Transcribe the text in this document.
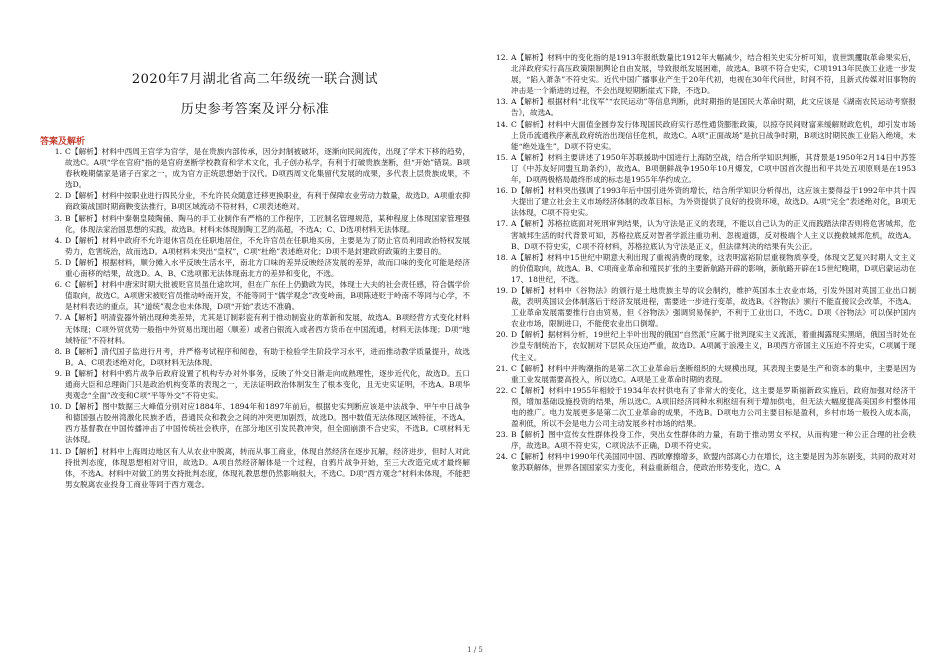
2020年7月湖北省高二年级统一联合测试
历史参考答案及评分标准
答案及解析
1. C【解析】材料中西周王官学为官学，是在贵族内部传承，因分封制被破坏，逐渐向民间流传，出现了学术下移的趋势，故选C。A项“学在官府”指的是官府垄断学校教育和学术文化，孔子创办私学，有利于打破贵族垄断，但“开始”错误。B项春秋晚期儒家是诸子百家之一，成为官方正统思想始于汉代。D项西周文化集留代发展的成果，多代表上层贵族成果，不选D。
2. D【解析】材料中按职业进行四民分业，不允许民众随意迁移更换职业，有利于保障农业劳动力数量，故选D。A项重农抑商政策战国时期商鞅变法推行，B项区域流动不符材料，C项表述绝对。
3. B【解析】材料中秦朝皇陵陶俑、陶马的手工业制作有严格的工作程序，工匠制名管理规范，某种程度上体现国家管理强化，体现法家治国思想的实践，故选B。材料未体现制陶工艺的高超，不选A；C、D选项材料无法体现。
4. D【解析】材料中政府不允许退休官员在任职地居住，不允许官员在任职地买房，主要是为了防止官员利用政治特权发展势力，危害统治，故而选D。A项材料未突出“皇权”，C项“杜绝”表述绝对化；D项不是封建政府政策的主要目的。
5. D【解析】根据材料，顺分摊入水平反映生活水平，南北方口味的差异反映经济发展的差异，故而口味的变化可能是经济重心南移的结果，故选D。A、B、C选项都无法体现南北方的差异和变化，不选。
6. C【解析】材料中唐宋时期大批被贬官员虽仕途坎坷，但在广东任上仍勤政为民，体现士大夫的社会责任感，符合儒学价值取向，故选C。A项唐宋被贬官员推动岭南开发，不能等同于“儒学观念”改变岭南，B项陈迹贬于岭南不等同与心学，不是材料表达的重点，其“道统”观念也未体现，D项“开始”表达不准确。
7. A【解析】明清瓷器外销出现种类差异，尤其是订制彩瓷有利于推动制瓷业的革新和发展，故选A。B项经营方式变化材料无体现；C项外贸优势一般指中外贸易出现出超（顺差）或者白银流入或者西方货币在中国流通，材料无法体现；D项“地域特征”不符材料。
8. B【解析】清代国子监进行月考，并严格考试程序和阅卷，有助于检验学生阶段学习水平，进而推动教学质量提升，故选B。A、C项表述绝对化，D项材料无法体现。
9. B【解析】材料中鸦片战争后政府设置了机构专办对外事务，反映了外交日渐走向成熟理性，逐步近代化，故选D。五口通商大臣和总理衙门只是政治机构变革的表现之一，无法证明政治体制发生了根本变化，且无史实证明，不选A。B项华夷观念“全面”改变和C项“平等外交”不符史实。
10. D【解析】图中数据三大峰值分别对应1884年、1894年和1897年前后，根据史实判断应该是中法战争、甲午中日战争和德国强占胶州湾激化民族矛盾，普通民众和教会之间的冲突更加剧烈，故选D。图中数值无法体现区域特征，不选A。西方基督教在中国传播冲击了中国传统社会秩序，在部分地区引发民教冲突，但全面崩溃不合史实，不选B。C项材料无法体现。
11. D【解析】材料中上海周边地区有人从农业中脱离，转而从事工商业，体现自然经济在逐步瓦解，经济进步，但时人对此持批判态度，体现思想相对守旧，故选D。A项自然经济解体是一个过程，自鸦片战争开始，至三大改造完成才最终解体，不选A。材料中对做工的男女持批判态度，体现礼教思想仍然影响很大，不选C。D项“西方观念”材料未体现，不能把男女脱离农业投身工商业等同于西方观念。
12. A【解析】材料中的变化指的是1913年报纸数量比1912年大幅减少，结合相关史实分析可知，袁世凯攫取革命果实后，北洋政府实行高压政策限制舆论自由发展，导致报纸发展困难，故选A。B项不符合史实，C项1913年民族工业进一步发展，“陷入萧条”不符史实。近代中国广播事业产生于20年代初，电视在30年代问世，时间不符，且新式传媒对旧事物的冲击是一个渐进的过程，不会出现短期断崖式下降，不选D。
13. A【解析】根据材料“北伐军”“农民运动”等信息判断，此时期指的是国民大革命时期，此文应该是《湖南农民运动考察报告》，故选A。
14. C【解析】材料中大面值金圆券发行体现国民政府实行恶性通货膨胀政策，以掠夺民间财富来缓解财政危机，却引发市场上货币流通秩序紊乱政府统治出现信任危机，故选C。A项“正面战场”是抗日战争时期，B项这时期民族工业陷入绝境，未能“绝处逢生”，D项不符史实。
15. A【解析】材料主要讲述了1950年苏联援助中国进行上海防空战，结合所学知识判断，其背景是1950年2月14日中苏签订《中苏友好同盟互助条约》，故选A。B项朝鲜战争1950年10月爆发，C项中国首次提出和平共处五项原则是在1953年，D项两极格局最终形成的标志是1955年华约成立。
16. D【解析】材料突出强调了1993年后中国引进外资的增长，结合所学知识分析得出，这应该主要得益于1992年中共十四大提出了建立社会主义市场经济体制的改革目标，为外资提供了良好的投资环境，故选D。A项“完全”表述绝对化，B项无法体现，C项不符史实。
17. A【解析】苏格拉底面对死刑审判结果，认为守法是正义的表现，不能以自己认为的正义而践踏法律否则将危害城邦，危害城邦生活的时代背景可知，苏格拉底反对智者学派注重功利、忽视道德，反对极端个人主义以挽救城邦危机，故选A。B、D项不符史实，C项不符材料，苏格拉底认为守法是正义，但法律判决的结果有失公正。
18. A【解析】材料中15世纪中期意大利出现了重视消费的现象，这表明富裕阶层重视物质享受，体现文艺复兴时期人文主义的价值取向，故选A。B、C项商业革命和殖民扩张的主要新航路开辟的影响，新航路开辟在15世纪晚期，D项启蒙运动在17、18世纪，不选。
19. D【解析】材料中《谷物法》的颁行是土地贵族主导的议会制约，维护英国本土农业市场，引发外国对英国工业出口制裁，表明英国议会体制落后于经济发展进程，需要进一步进行变革，故选B。《谷物法》颁行不能直接议会改革，不选A。工业革命发展需要推行自由贸易，但《谷物法》强调贸易保护，不利于工业出口，不选C。D项《谷物法》可以保护国内农业市场，限制进口，不能使农业出口倒增。
20. D【解析】据材料分析，19世纪上半叶出现的俄国“自然派”应属于批判现实主义流派，着重揭露现实黑暗，俄国当时处在沙皇专制统治下，农奴制对下层民众压迫严重，故选D。A项属于浪漫主义，B项西方帝国主义压迫不符史实，C项属于现代主义。
21. C【解析】材料中并购潮指的是第二次工业革命后垄断组织的大规模出现，其表现主要是生产和资本的集中，主要是因为重工业发展需要高投入，所以选C。A项是工业革命时期的表现。
22. C【解析】材料中1955年相较于1934年农村供电有了非常大的变化，这主要是罗斯福新政实施后，政府加强对经济干预，增加基础设施投资的结果，所以选C。A项旧经济同种水利枢纽有利于增加供电，但无法大幅度提高美国乡村整体用电的推广。电力发展更多是第二次工业革命的成果，不选B。D项电力公司主要目标是盈利，乡村市场一般投入成本高，盈利低，所以不会是电力公司主动发展乡村市场的结果。
23. B【解析】图中宣传女性群体投身工作，突出女性群体的力量，有助于推动男女平权，从而构建一种公正合理的社会秩序，故选B。A项不符史实，C项说法不正确，D项不符史实。
24. C【解析】材料中1990年代美国同中国、西欧摩擦增多，欧盟内部离心力在增长，这主要是因为苏东剧变，共同的敌对对象苏联解体，世界各国国家实力变化，利益重新组合，使政治形势变化，选C。A
1 / 5
